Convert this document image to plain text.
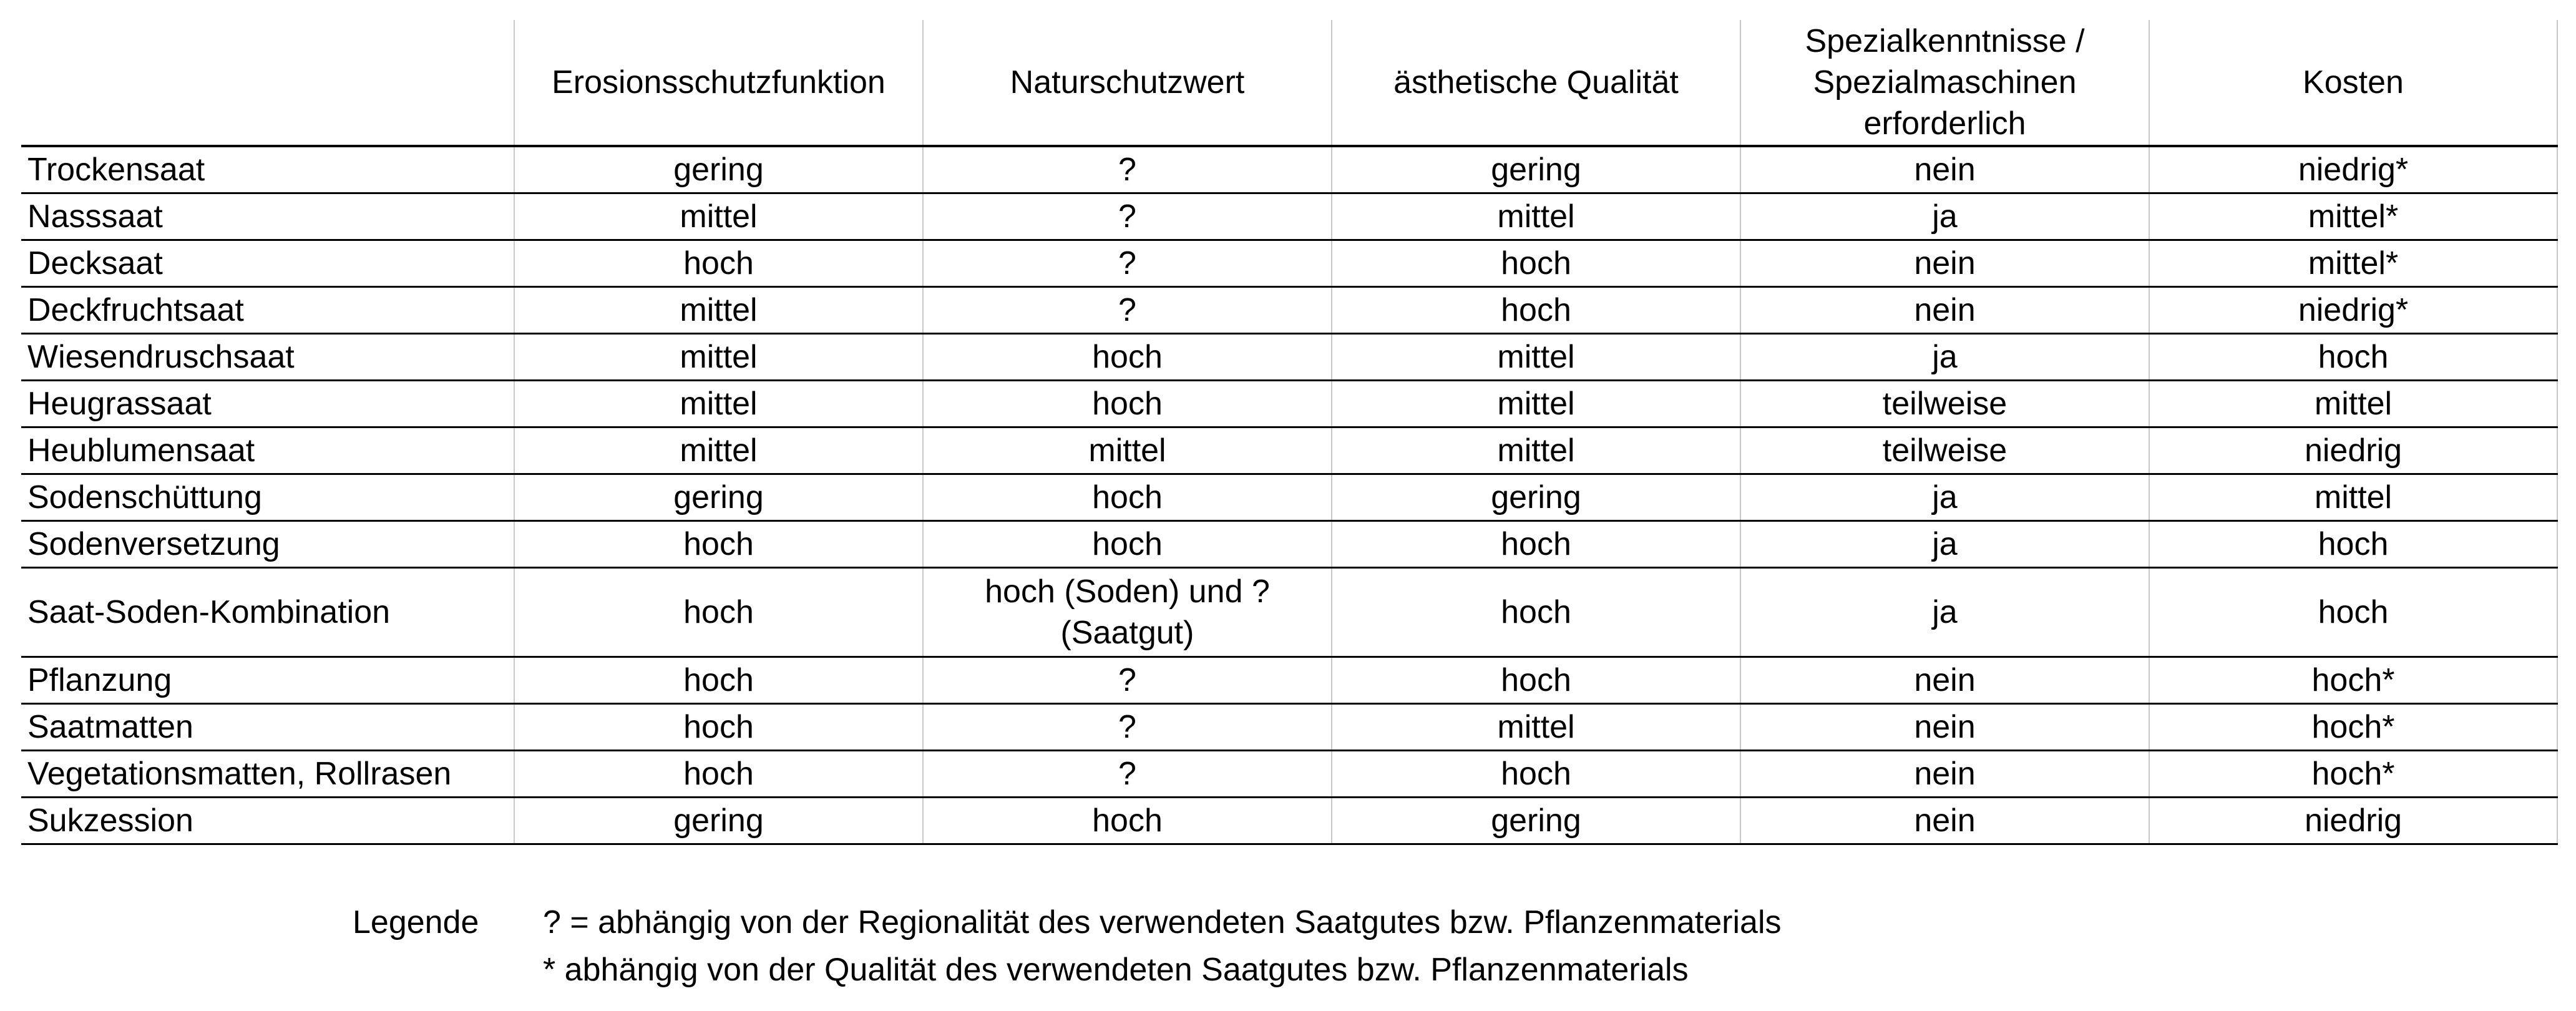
	Erosionsschutzfunktion	Naturschutzwert	ästhetische Qualität	Spezialkenntnisse / Spezialmaschinen erforderlich	Kosten
Trockensaat	gering	?	gering	nein	niedrig*
Nasssaat	mittel	?	mittel	ja	mittel*
Decksaat	hoch	?	hoch	nein	mittel*
Deckfruchtsaat	mittel	?	hoch	nein	niedrig*
Wiesendruschsaat	mittel	hoch	mittel	ja	hoch
Heugrassaat	mittel	hoch	mittel	teilweise	mittel
Heublumensaat	mittel	mittel	mittel	teilweise	niedrig
Sodenschüttung	gering	hoch	gering	ja	mittel
Sodenversetzung	hoch	hoch	hoch	ja	hoch
Saat-Soden-Kombination	hoch	hoch (Soden) und ? (Saatgut)	hoch	ja	hoch
Pflanzung	hoch	?	hoch	nein	hoch*
Saatmatten	hoch	?	mittel	nein	hoch*
Vegetationsmatten, Rollrasen	hoch	?	hoch	nein	hoch*
Sukzession	gering	hoch	gering	nein	niedrig
Legende ? = abhängig von der Regionalität des verwendeten Saatgutes bzw. Pflanzenmaterials
* abhängig von der Qualität des verwendeten Saatgutes bzw. Pflanzenmaterials
